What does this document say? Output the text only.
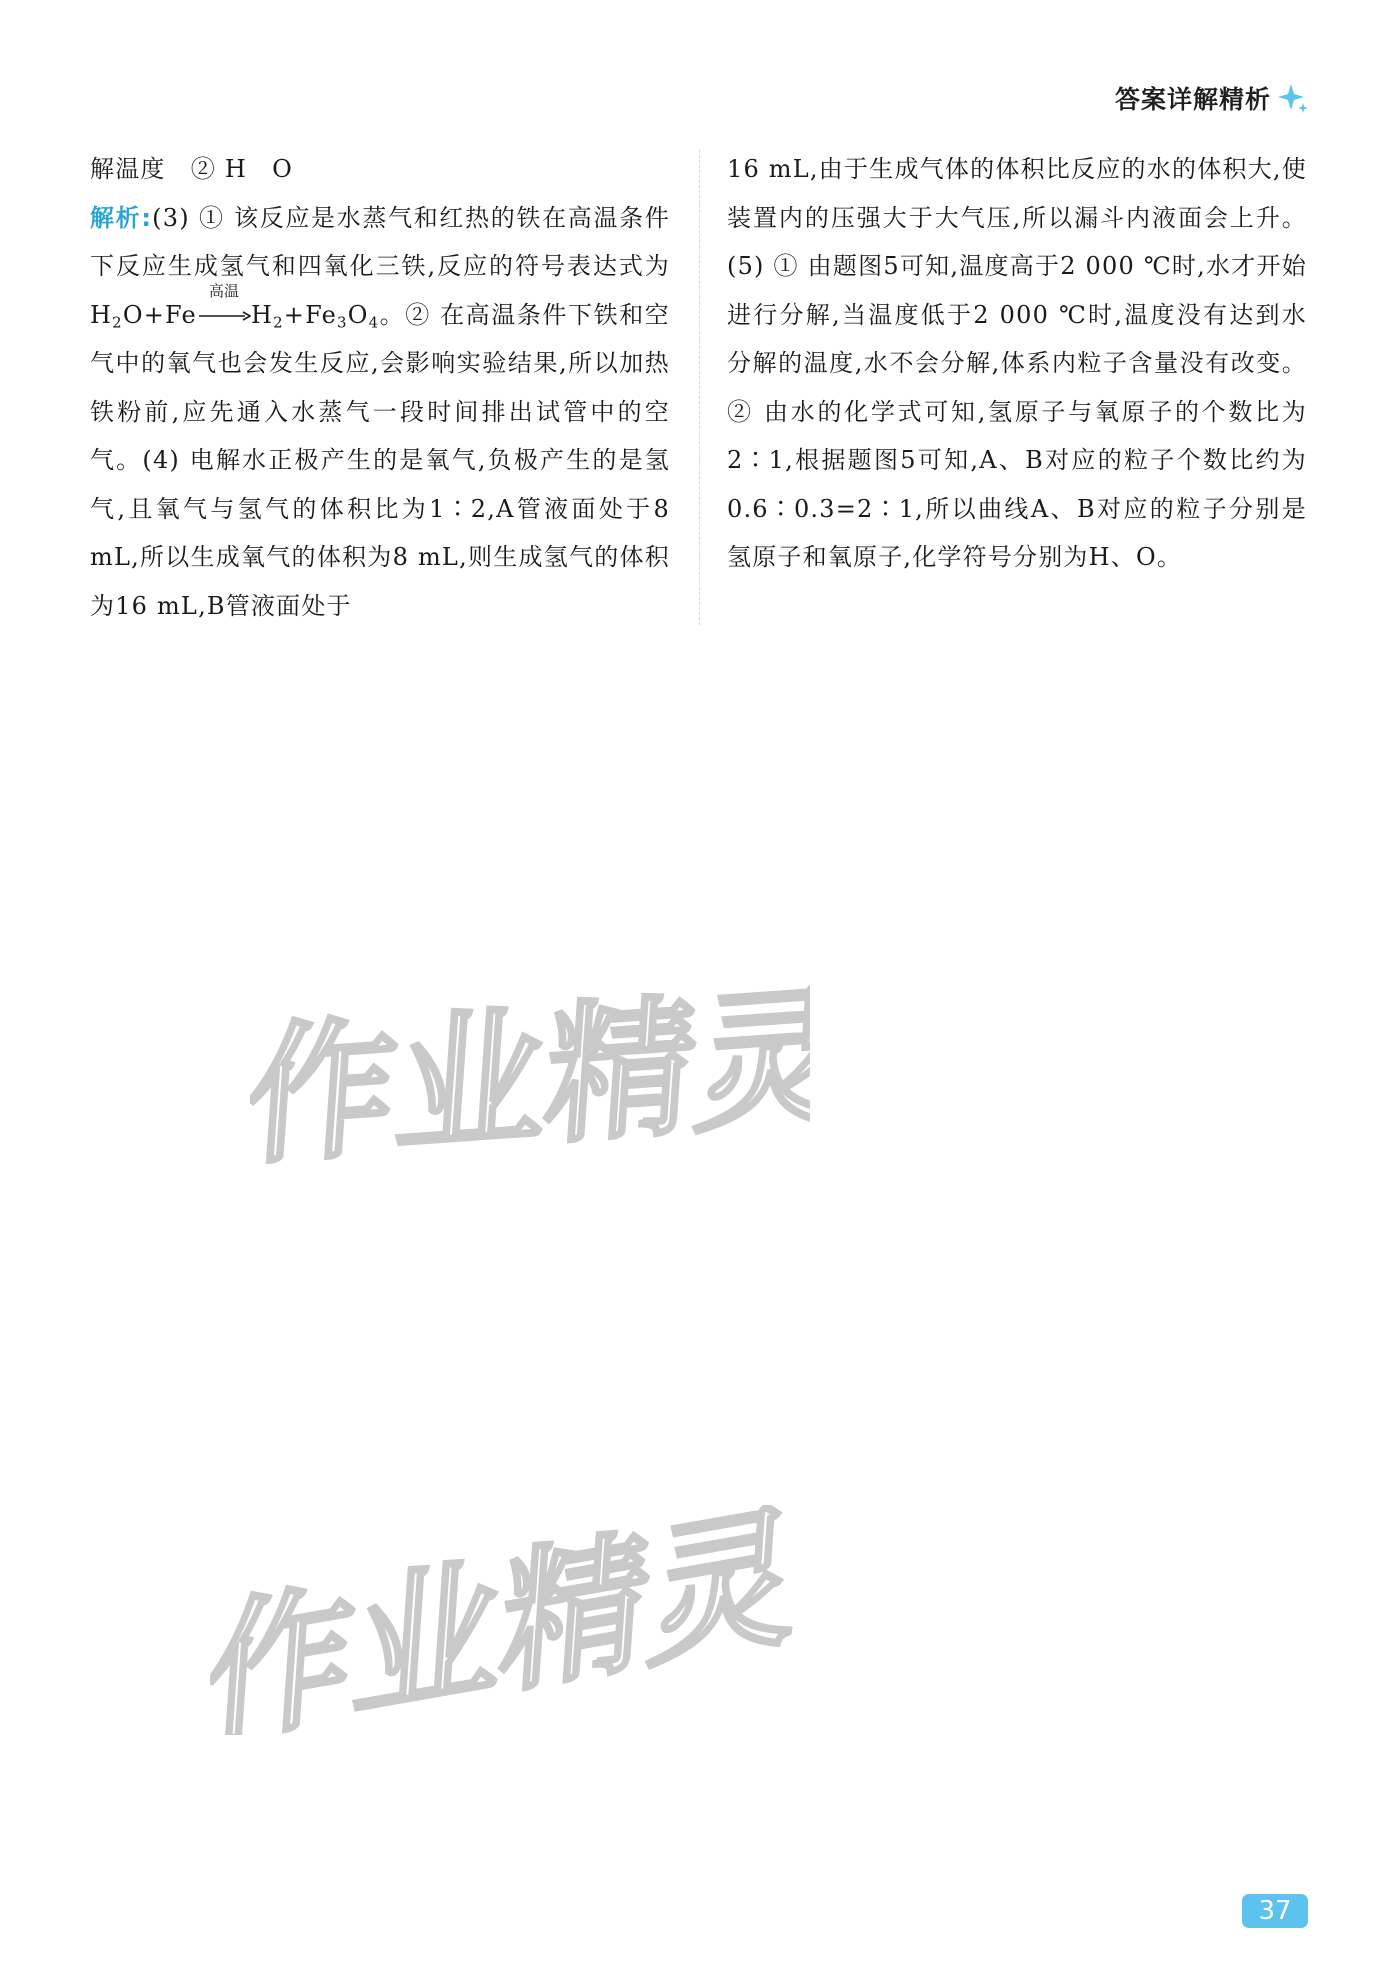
答案详解精析

解温度　② H　O

解析:(3) ① 该反应是水蒸气和红热的铁在高温条件下反应生成氢气和四氧化三铁,反应的符号表达式为 $H_2O+Fe$
高温
$H_2+Fe_3O_4$。② 在高温条件下铁和空气中的氧气也会发生反应,会影响实验结果,所以加热铁粉前,应先通入水蒸气一段时间排出试管中的空气。(4) 电解水正极产生的是氧气,负极产生的是氢气,且氧气与氢气的体积比为1∶2,A管液面处于8 mL,所以生成氧气的体积为8 mL,则生成氢气的体积为16 mL,B管液面处于

16 mL,由于生成气体的体积比反应的水的体积大,使装置内的压强大于大气压,所以漏斗内液面会上升。(5) ① 由题图5可知,温度高于2 000 ℃时,水才开始进行分解,当温度低于2 000 ℃时,温度没有达到水分解的温度,水不会分解,体系内粒子含量没有改变。② 由水的化学式可知,氢原子与氧原子的个数比为2∶1,根据题图5可知,A、B对应的粒子个数比约为0.6∶0.3=2∶1,所以曲线A、B对应的粒子分别是氢原子和氧原子,化学符号分别为H、O。

作业精灵
作业精灵
37
